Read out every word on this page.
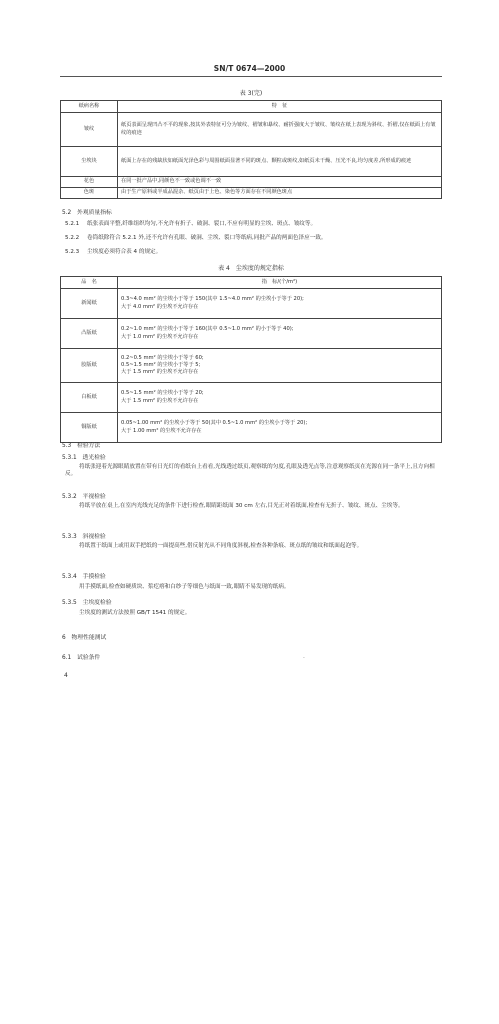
SN/T 0674—2000
表 3(完)
纸病名称	特　征
皱纹	纸页表面呈现凹凸不平的现象,按其外表特征可分为皱纹、褶皱和暴纹、耐折强度大于皱纹、皱纹在纸上表现为斜纹、折褶,仅在纸面上有皱纹的痕迹
尘埃块	纸面上存在的残缺状如纸面光泽色彩与周围纸面显著不同的斑点、颗粒或斑纹,如纸页未干燥、压光不良,均匀度差,所形成的痕迹
花色	在同一批产品中,同颜色不一致或色调不一致
色斑	由于生产原料或半成品混杂、纸页由于上色、染色等方面存在不同颜色斑点
5.2　外观质量指标
5.2.1 纸张表面平整,纤维组织均匀,不允许有折子、破洞、裂口,不应有明显的尘埃、斑点、皱纹等。
5.2.2 卷筒纸除符合 5.2.1 外,还不允许有孔眼、破洞、尘埃、裂口等纸病,同批产品的两面色泽应一致。
5.2.3 尘埃度必须符合表 4 的规定。
表 4　尘埃度的规定指标
品　名	指　标/(个/m²)
新闻纸	0.3~4.0 mm² 的尘埃小于等于 150(其中 1.5~4.0 mm² 的尘埃小于等于 20);
大于 4.0 mm² 的尘埃不允许存在

凸版纸	0.2~1.0 mm² 的尘埃小于等于 160(其中 0.5~1.0 mm² 的小于等于 40);
大于 1.0 mm² 的尘埃不允许存在

胶版纸	0.2~0.5 mm² 的尘埃小于等于 60;
0.5~1.5 mm² 的尘埃小于等于 5;
大于 1.5 mm² 的尘埃不允许存在

白板纸	0.5~1.5 mm² 的尘埃小于等于 20;
大于 1.5 mm² 的尘埃不允许存在

铜版纸	0.05~1.00 mm² 的尘埃小于等于 50(其中 0.5~1.0 mm² 的尘埃小于等于 20);
大于 1.00 mm² 的尘埃不允许存在
5.3　检验方法
5.3.1　透光检验
将纸张迎着光源眼睛放置在带有日光灯的看纸台上看看,光线透过纸页,观察纸的匀度,孔眼及透光点等,注意观察纸页在光源在同一条平上,且方向相反。
5.3.2　平视检验
将纸平放在桌上,在室内光线充足的条件下进行检查,眼睛距纸面 30 cm 左右,目光正对着纸面,检查有无折子、皱纹、斑点、尘埃等。
5.3.3　斜视检验
将纸置于纸面上或用双手把纸的一面提高些,借反射光从不同角度斜视,检查各种条痕、斑点纸的皱纹和纸面起泡等。
5.3.4　手摸检验
用手摸纸面,检查如硬质块、浆疙瘩和白纱子等细色与纸面一致,眼睛不易发现的纸病。
5.3.5　尘埃度检验
尘埃度的测试方法按照 GB/T 1541 的规定。
6　物理性能测试
6.1　试验条件	·
4
